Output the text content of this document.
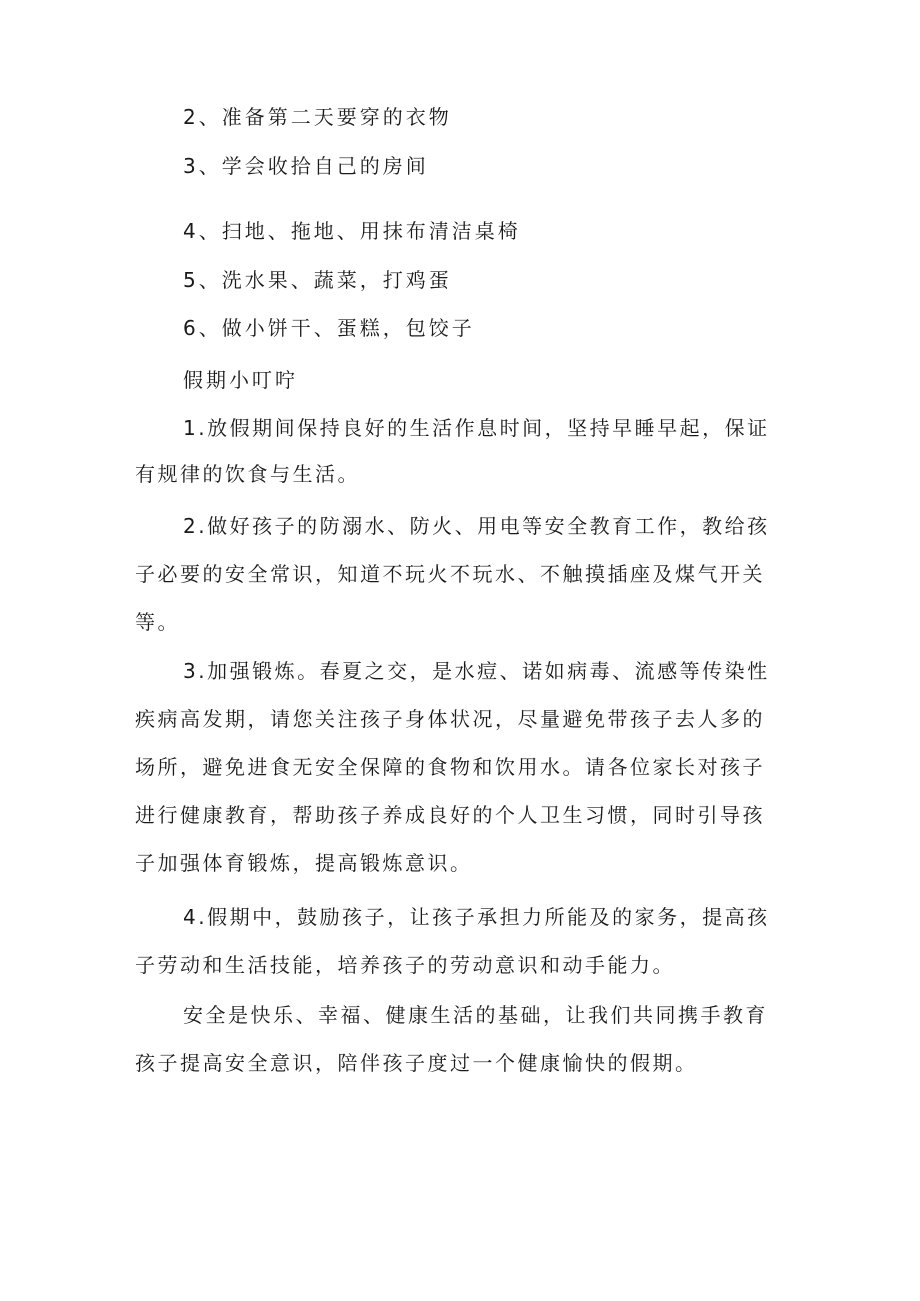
2、准备第二天要穿的衣物
3、学会收拾自己的房间
4、扫地、拖地、用抹布清洁桌椅
5、洗水果、蔬菜，打鸡蛋
6、做小饼干、蛋糕，包饺子
假期小叮咛
1.放假期间保持良好的生活作息时间，坚持早睡早起，保证
有规律的饮食与生活。
2.做好孩子的防溺水、防火、用电等安全教育工作，教给孩
子必要的安全常识，知道不玩火不玩水、不触摸插座及煤气开关
等。
3.加强锻炼。春夏之交，是水痘、诺如病毒、流感等传染性
疾病高发期，请您关注孩子身体状况，尽量避免带孩子去人多的
场所，避免进食无安全保障的食物和饮用水。请各位家长对孩子
进行健康教育，帮助孩子养成良好的个人卫生习惯，同时引导孩
子加强体育锻炼，提高锻炼意识。
4.假期中，鼓励孩子，让孩子承担力所能及的家务，提高孩
子劳动和生活技能，培养孩子的劳动意识和动手能力。
安全是快乐、幸福、健康生活的基础，让我们共同携手教育
孩子提高安全意识，陪伴孩子度过一个健康愉快的假期。
